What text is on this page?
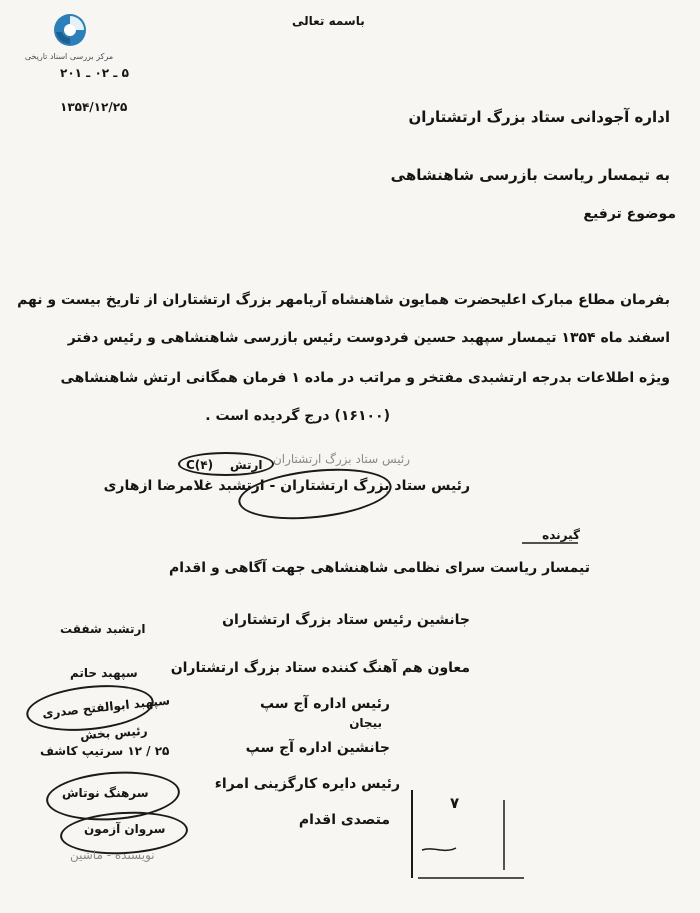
مرکز بررسی اسناد تاریخی
باسمه تعالی
۵ ـ ۰۲ ـ ۲۰۱
۱۳۵۴/۱۲/۲۵
اداره آجودانی ستاد بزرگ ارتشتاران
به تیمسار ریاست بازرسی شاهنشاهی
موضوع ترفیع
بفرمان مطاع مبارک اعلیحضرت همایون شاهنشاه آریامهر بزرگ ارتشتاران از تاریخ بیست و نهم
اسفند ماه ۱۳۵۴ تیمسار سپهبد حسین فردوست رئیس بازرسی شاهنشاهی و رئیس دفتر
ویژه اطلاعات بدرجه ارتشبدی مفتخر و مراتب در ماده ۱ فرمان همگانی ارتش شاهنشاهی
(۱۶۱۰۰) درج گردیده است .
رئیس ستاد بزرگ ارتشتاران
C(۴) ارتش
رئیس ستاد بزرگ ارتشتاران - ارتشبد غلامرضا ازهاری
گیرنده
تیمسار ریاست سرای نظامی شاهنشاهی جهت آگاهی و اقدام
جانشین رئیس ستاد بزرگ ارتشتاران
ارتشبد شفقت
معاون هم آهنگ کننده ستاد بزرگ ارتشتاران
سپهبد حاتم
رئیس اداره آج سپ
بیجان
جانشین اداره آج سپ
رئیس دایره کارگزینی امراء
متصدی اقدام
۷
سپهبد ابوالفتح صدری
رئیس بخش
۲۵ / ۱۲ سرتیپ کاشف
سرهنگ نوتاش
سروان آزمون
نویسنده - ماشین
